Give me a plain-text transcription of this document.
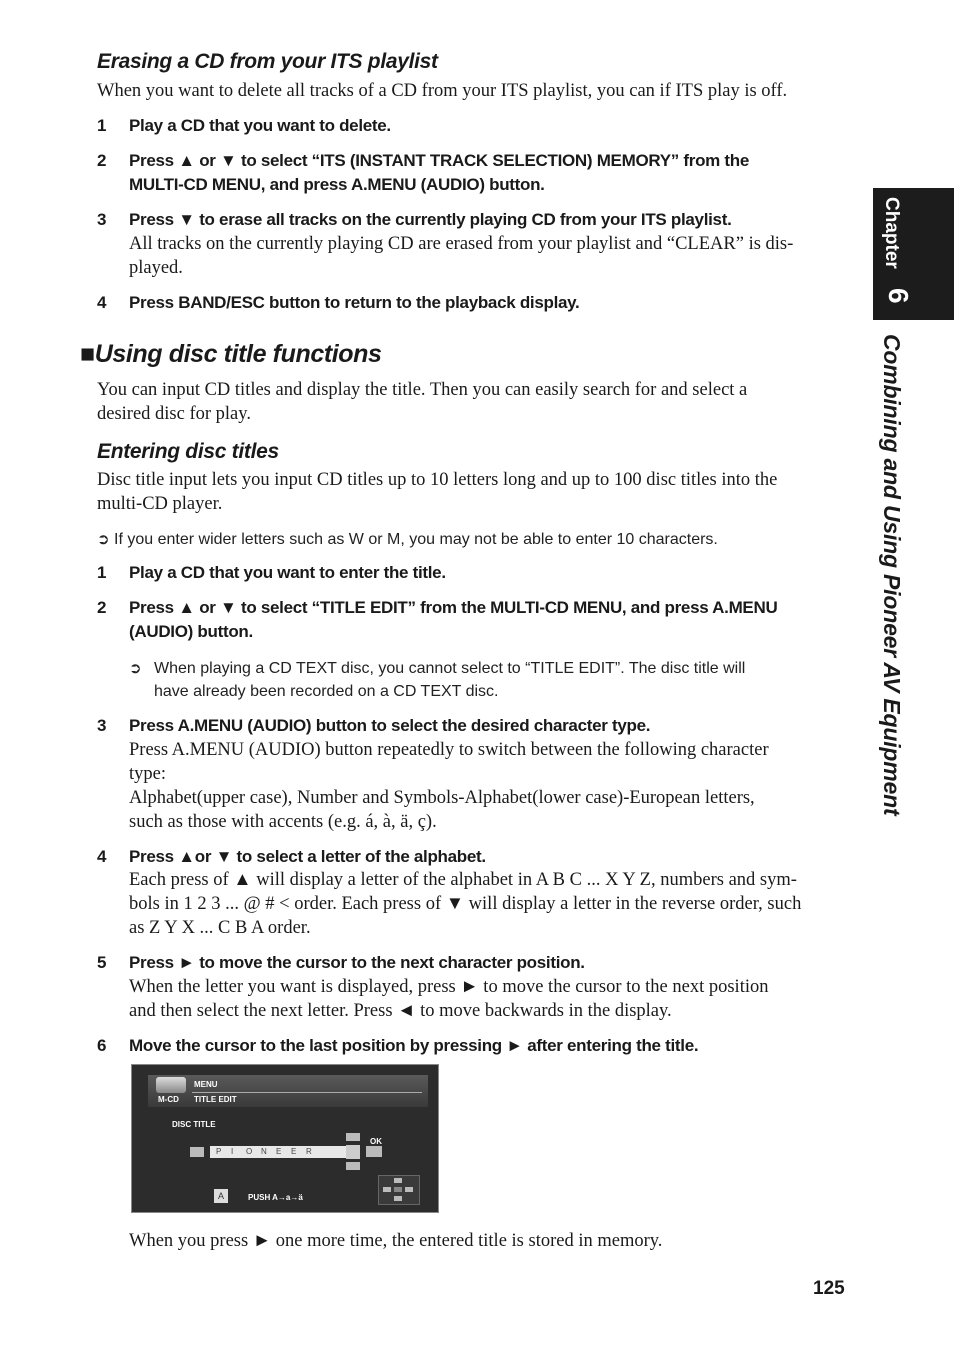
Erasing a CD from your ITS playlist
When you want to delete all tracks of a CD from your ITS playlist, you can if ITS play is off.
1 Play a CD that you want to delete.
2 Press ▲ or ▼ to select “ITS (INSTANT TRACK SELECTION) MEMORY” from the
MULTI-CD MENU, and press A.MENU (AUDIO) button.
3 Press ▼ to erase all tracks on the currently playing CD from your ITS playlist.
All tracks on the currently playing CD are erased from your playlist and “CLEAR” is dis-
played.
4 Press BAND/ESC button to return to the playback display.
■Using disc title functions
You can input CD titles and display the title. Then you can easily search for and select a
desired disc for play.
Entering disc titles
Disc title input lets you input CD titles up to 10 letters long and up to 100 disc titles into the
multi-CD player.
➲ If you enter wider letters such as W or M, you may not be able to enter 10 characters.
1 Play a CD that you want to enter the title.
2 Press ▲ or ▼ to select “TITLE EDIT” from the MULTI-CD MENU, and press A.MENU
(AUDIO) button.
➲ When playing a CD TEXT disc, you cannot select to “TITLE EDIT”. The disc title will
have already been recorded on a CD TEXT disc.
3 Press A.MENU (AUDIO) button to select the desired character type.
Press A.MENU (AUDIO) button repeatedly to switch between the following character
type:
Alphabet(upper case), Number and Symbols-Alphabet(lower case)-European letters,
such as those with accents (e.g. á, à, ä, ç).
4 Press ▲or ▼ to select a letter of the alphabet.
Each press of ▲ will display a letter of the alphabet in A B C ... X Y Z, numbers and sym-
bols in 1 2 3 ... @ # < order. Each press of ▼ will display a letter in the reverse order, such
as Z Y X ... C B A order.
5 Press ► to move the cursor to the next character position.
When the letter you want is displayed, press ► to move the cursor to the next position
and then select the next letter. Press ◄ to move backwards in the display.
6 Move the cursor to the last position by pressing ► after entering the title.
M-CD
MENU
TITLE EDIT
DISC TITLE
OK
P	I	O	N	E	E	R
A	PUSH A→a→ä
When you press ► one more time, the entered title is stored in memory.
Chapter
6
Combining and Using Pioneer AV Equipment
125
